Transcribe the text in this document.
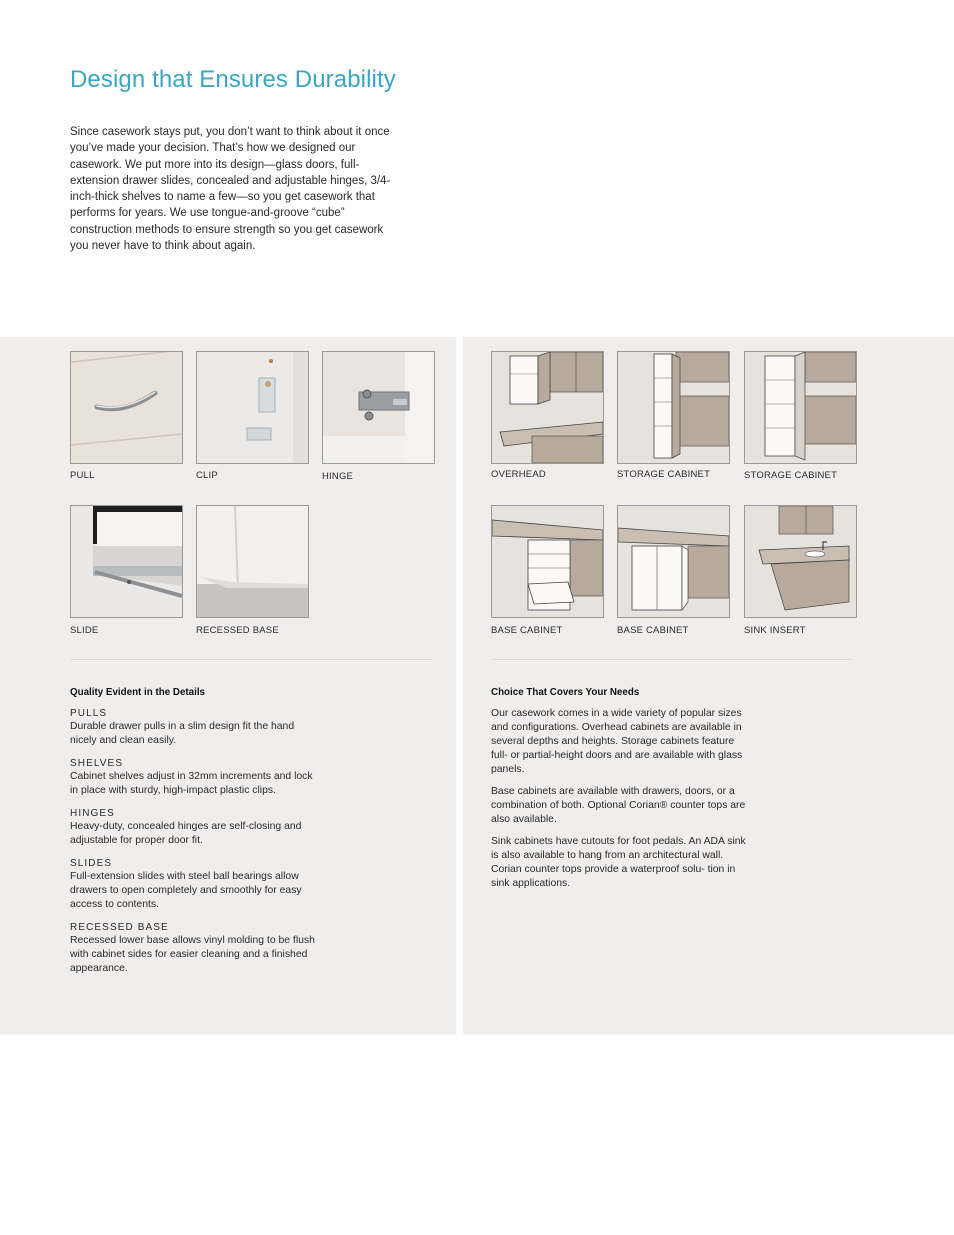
Design that Ensures Durability

Since casework stays put, you don’t want to think about it once you’ve made your decision. That’s how we designed our casework. We put more into its design—glass doors, full-extension drawer slides, concealed and adjustable hinges, 3/4-inch-thick shelves to name a few—so you get casework that performs for years. We use tongue-and-groove “cube” construction methods to ensure strength so you get casework you never have to think about again.

PULL	CLIP	HINGE
SLIDE	RECESSED BASE
Quality Evident in the Details
PULLS
Durable drawer pulls in a slim design fit the hand nicely and clean easily.
SHELVES
Cabinet shelves adjust in 32mm increments and lock in place with sturdy, high-impact plastic clips.
HINGES
Heavy-duty, concealed hinges are self-closing and adjustable for proper door fit.
SLIDES
Full-extension slides with steel ball bearings allow drawers to open completely and smoothly for easy access to contents.
RECESSED BASE
Recessed lower base allows vinyl molding to be flush with cabinet sides for easier cleaning and a finished appearance.
OVERHEAD	STORAGE CABINET	STORAGE CABINET
BASE CABINET	BASE CABINET	SINK INSERT
Choice That Covers Your Needs

Our casework comes in a wide variety of popular sizes and configurations. Overhead cabinets are available in several depths and heights. Storage cabinets feature full- or partial-height doors and are available with glass panels.

Base cabinets are available with drawers, doors, or a combination of both. Optional Corian® counter tops are also available.

Sink cabinets have cutouts for foot pedals. An ADA sink is also available to hang from an architectural wall. Corian counter tops provide a waterproof solu- tion in sink applications.
